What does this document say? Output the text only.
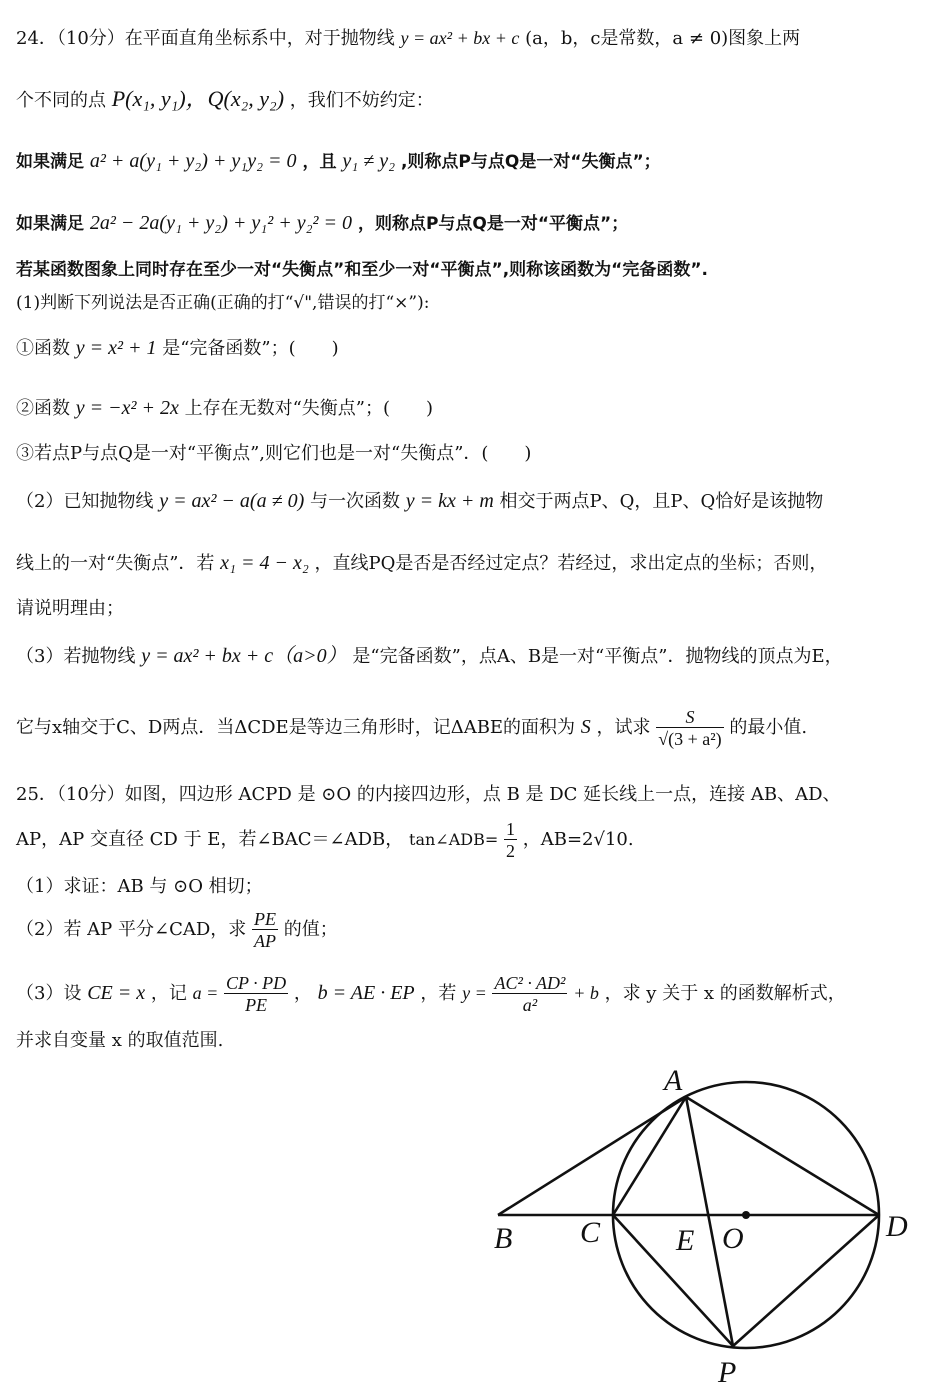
24．（10分）在平面直角坐标系中，对于抛物线 y = ax² + bx + c (a，b，c是常数，a ≠ 0)图象上两
个不同的点 P(x₁, y₁)，Q(x₂, y₂) ，我们不妨约定：
如果满足 a² + a(y₁ + y₂) + y₁y₂ = 0 ，且 y₁ ≠ y₂ ,则称点P与点Q是一对“失衡点”；
如果满足 2a² − 2a(y₁ + y₂) + y₁² + y₂² = 0 ，则称点P与点Q是一对“平衡点”；
若某函数图象上同时存在至少一对“失衡点”和至少一对“平衡点”,则称该函数为“完备函数”.
(1)判断下列说法是否正确(正确的打“√",错误的打“×”):
①函数 y = x² + 1 是“完备函数”；(　　)
②函数 y = −x² + 2x 上存在无数对“失衡点”；(　　)
③若点P与点Q是一对“平衡点”,则它们也是一对“失衡点”．(　　)
（2）已知抛物线 y = ax² − a(a ≠ 0) 与一次函数 y = kx + m 相交于两点P、Q，且P、Q恰好是该抛物
线上的一对“失衡点”．若 x₁ = 4 − x₂ ，直线PQ是否是否经过定点？若经过，求出定点的坐标；否则，
请说明理由；
（3）若抛物线 y = ax² + bx + c（a>0） 是“完备函数”，点A、B是一对“平衡点”．抛物线的顶点为E，
它与x轴交于C、D两点．当ΔCDE是等边三角形时，记ΔABE的面积为 S ，试求 $\frac{S}{\text{√(3 + a²)}}$ 的最小值.
25．（10分）如图，四边形 ACPD 是 ⊙O 的内接四边形，点 B 是 DC 延长线上一点，连接 AB、AD、
AP，AP 交直径 CD 于 E，若∠BAC＝∠ADB， tan∠ADB= $\frac{1}{2}$ ，AB=2√10.
（1）求证：AB 与 ⊙O 相切；
（2）若 AP 平分∠CAD，求 $\frac{PE}{AP}$ 的值；
（3）设 CE = x ，记 $a = \frac{CP \cdot PD}{PE}$ ， b = AE · EP ，若 $y = \frac{\text{AC² · AD²}}{\text{a²}} + b$ ，求 y 关于 x 的函数解析式，
并求自变量 x 的取值范围.
A
B C	E O	D
P
